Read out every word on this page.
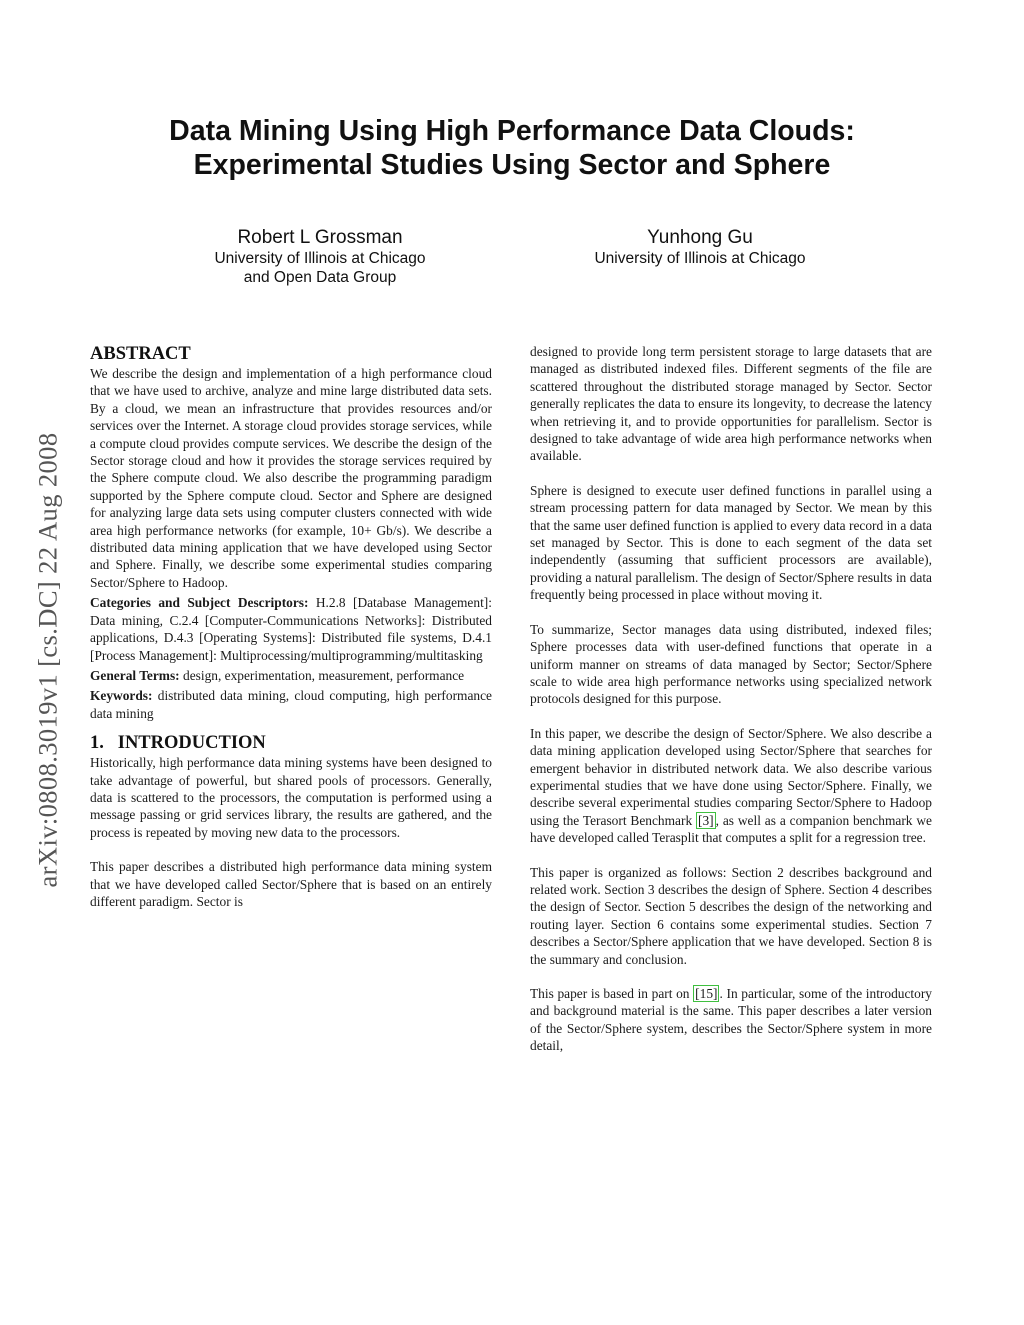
Data Mining Using High Performance Data Clouds:
Experimental Studies Using Sector and Sphere
Robert L Grossman
University of Illinois at Chicago
and Open Data Group
Yunhong Gu
University of Illinois at Chicago
arXiv:0808.3019v1 [cs.DC] 22 Aug 2008
ABSTRACT

We describe the design and implementation of a high performance cloud that we have used to archive, analyze and mine large distributed data sets. By a cloud, we mean an infrastructure that provides resources and/or services over the Internet. A storage cloud provides storage services, while a compute cloud provides compute services. We describe the design of the Sector storage cloud and how it provides the storage services required by the Sphere compute cloud. We also describe the programming paradigm supported by the Sphere compute cloud. Sector and Sphere are designed for analyzing large data sets using computer clusters connected with wide area high performance networks (for example, 10+ Gb/s). We describe a distributed data mining application that we have developed using Sector and Sphere. Finally, we describe some experimental studies comparing Sector/Sphere to Hadoop.

Categories and Subject Descriptors: H.2.8 [Database Management]: Data mining, C.2.4 [Computer-Communications Networks]: Distributed applications, D.4.3 [Operating Systems]: Distributed file systems, D.4.1 [Process Management]: Multiprocessing/multiprogramming/multitasking

General Terms: design, experimentation, measurement, performance

Keywords: distributed data mining, cloud computing, high performance data mining

1.   INTRODUCTION

Historically, high performance data mining systems have been designed to take advantage of powerful, but shared pools of processors. Generally, data is scattered to the processors, the computation is performed using a message passing or grid services library, the results are gathered, and the process is repeated by moving new data to the processors.

This paper describes a distributed high performance data mining system that we have developed called Sector/Sphere that is based on an entirely different paradigm. Sector is

designed to provide long term persistent storage to large datasets that are managed as distributed indexed files. Different segments of the file are scattered throughout the distributed storage managed by Sector. Sector generally replicates the data to ensure its longevity, to decrease the latency when retrieving it, and to provide opportunities for parallelism. Sector is designed to take advantage of wide area high performance networks when available.

Sphere is designed to execute user defined functions in parallel using a stream processing pattern for data managed by Sector. We mean by this that the same user defined function is applied to every data record in a data set managed by Sector. This is done to each segment of the data set independently (assuming that sufficient processors are available), providing a natural parallelism. The design of Sector/Sphere results in data frequently being processed in place without moving it.

To summarize, Sector manages data using distributed, indexed files; Sphere processes data with user-defined functions that operate in a uniform manner on streams of data managed by Sector; Sector/Sphere scale to wide area high performance networks using specialized network protocols designed for this purpose.

In this paper, we describe the design of Sector/Sphere. We also describe a data mining application developed using Sector/Sphere that searches for emergent behavior in distributed network data. We also describe various experimental studies that we have done using Sector/Sphere. Finally, we describe several experimental studies comparing Sector/Sphere to Hadoop using the Terasort Benchmark [3] , as well as a companion benchmark we have developed called Terasplit that computes a split for a regression tree.

This paper is organized as follows: Section 2 describes background and related work. Section 3 describes the design of Sphere. Section 4 describes the design of Sector. Section 5 describes the design of the networking and routing layer. Section 6 contains some experimental studies. Section 7 describes a Sector/Sphere application that we have developed. Section 8 is the summary and conclusion.

This paper is based in part on [15] . In particular, some of the introductory and background material is the same. This paper describes a later version of the Sector/Sphere system, describes the Sector/Sphere system in more detail,
